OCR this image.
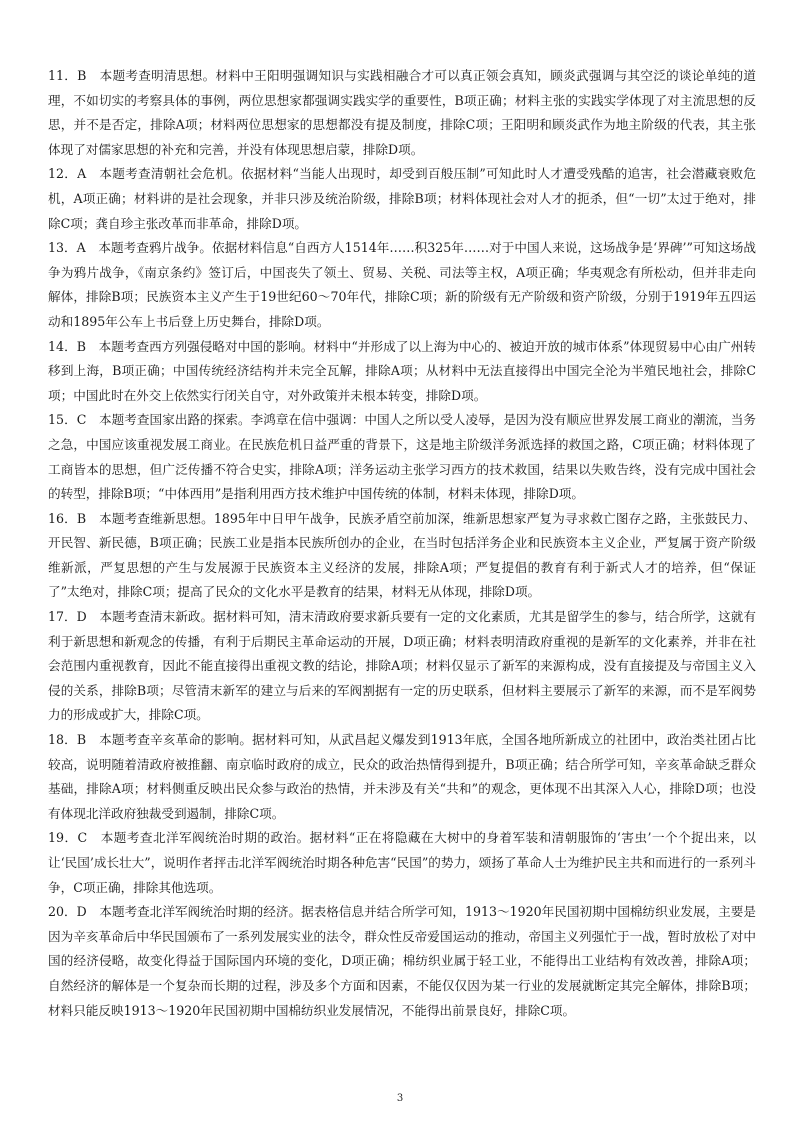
11．B　本题考查明清思想。材料中王阳明强调知识与实践相融合才可以真正领会真知，顾炎武强调与其空泛的谈论单纯的道理，不如切实的考察具体的事例，两位思想家都强调实践实学的重要性，B项正确；材料主张的实践实学体现了对主流思想的反思，并不是否定，排除A项；材料两位思想家的思想都没有提及制度，排除C项；王阳明和顾炎武作为地主阶级的代表，其主张体现了对儒家思想的补充和完善，并没有体现思想启蒙，排除D项。

12．A　本题考查清朝社会危机。依据材料“当能人出现时，却受到百般压制”可知此时人才遭受残酷的追害，社会潜藏衰败危机，A项正确；材料讲的是社会现象，并非只涉及统治阶级，排除B项；材料体现社会对人才的扼杀，但“一切”太过于绝对，排除C项；龚自珍主张改革而非革命，排除D项。

13．A　本题考查鸦片战争。依据材料信息“自西方人1514年……积325年……对于中国人来说，这场战争是‘界碑’”可知这场战争为鸦片战争，《南京条约》签订后，中国丧失了领土、贸易、关税、司法等主权，A项正确；华夷观念有所松动，但并非走向解体，排除B项；民族资本主义产生于19世纪60～70年代，排除C项；新的阶级有无产阶级和资产阶级，分别于1919年五四运动和1895年公车上书后登上历史舞台，排除D项。

14．B　本题考查西方列强侵略对中国的影响。材料中“并形成了以上海为中心的、被迫开放的城市体系”体现贸易中心由广州转移到上海，B项正确；中国传统经济结构并未完全瓦解，排除A项；从材料中无法直接得出中国完全沦为半殖民地社会，排除C项；中国此时在外交上依然实行闭关自守，对外政策并未根本转变，排除D项。

15．C　本题考查国家出路的探索。李鸿章在信中强调：中国人之所以受人凌辱，是因为没有顺应世界发展工商业的潮流，当务之急，中国应该重视发展工商业。在民族危机日益严重的背景下，这是地主阶级洋务派选择的救国之路，C项正确；材料体现了工商皆本的思想，但广泛传播不符合史实，排除A项；洋务运动主张学习西方的技术救国，结果以失败告终，没有完成中国社会的转型，排除B项；“中体西用”是指利用西方技术维护中国传统的体制，材料未体现，排除D项。

16．B　本题考查维新思想。1895年中日甲午战争，民族矛盾空前加深，维新思想家严复为寻求救亡图存之路，主张鼓民力、开民智、新民德，B项正确；民族工业是指本民族所创办的企业，在当时包括洋务企业和民族资本主义企业，严复属于资产阶级维新派，严复思想的产生与发展源于民族资本主义经济的发展，排除A项；严复提倡的教育有利于新式人才的培养，但“保证了”太绝对，排除C项；提高了民众的文化水平是教育的结果，材料无从体现，排除D项。

17．D　本题考查清末新政。据材料可知，清末清政府要求新兵要有一定的文化素质，尤其是留学生的参与，结合所学，这就有利于新思想和新观念的传播，有利于后期民主革命运动的开展，D项正确；材料表明清政府重视的是新军的文化素养，并非在社会范围内重视教育，因此不能直接得出重视文教的结论，排除A项；材料仅显示了新军的来源构成，没有直接提及与帝国主义入侵的关系，排除B项；尽管清末新军的建立与后来的军阀割据有一定的历史联系，但材料主要展示了新军的来源，而不是军阀势力的形成或扩大，排除C项。

18．B　本题考查辛亥革命的影响。据材料可知，从武昌起义爆发到1913年底，全国各地所新成立的社团中，政治类社团占比较高，说明随着清政府被推翻、南京临时政府的成立，民众的政治热情得到提升，B项正确；结合所学可知，辛亥革命缺乏群众基础，排除A项；材料侧重反映出民众参与政治的热情，并未涉及有关“共和”的观念，更体现不出其深入人心，排除D项；也没有体现北洋政府独裁受到遏制，排除C项。

19．C　本题考查北洋军阀统治时期的政治。据材料“正在将隐藏在大树中的身着军装和清朝服饰的‘害虫’一个个捉出来，以让‘民国’成长壮大”，说明作者抨击北洋军阀统治时期各种危害“民国”的势力，颂扬了革命人士为维护民主共和而进行的一系列斗争，C项正确，排除其他选项。

20．D　本题考查北洋军阀统治时期的经济。据表格信息并结合所学可知，1913～1920年民国初期中国棉纺织业发展，主要是因为辛亥革命后中华民国颁布了一系列发展实业的法令，群众性反帝爱国运动的推动，帝国主义列强忙于一战，暂时放松了对中国的经济侵略，故变化得益于国际国内环境的变化，D项正确；棉纺织业属于轻工业，不能得出工业结构有效改善，排除A项；自然经济的解体是一个复杂而长期的过程，涉及多个方面和因素，不能仅仅因为某一行业的发展就断定其完全解体，排除B项；材料只能反映1913～1920年民国初期中国棉纺织业发展情况，不能得出前景良好，排除C项。

3
